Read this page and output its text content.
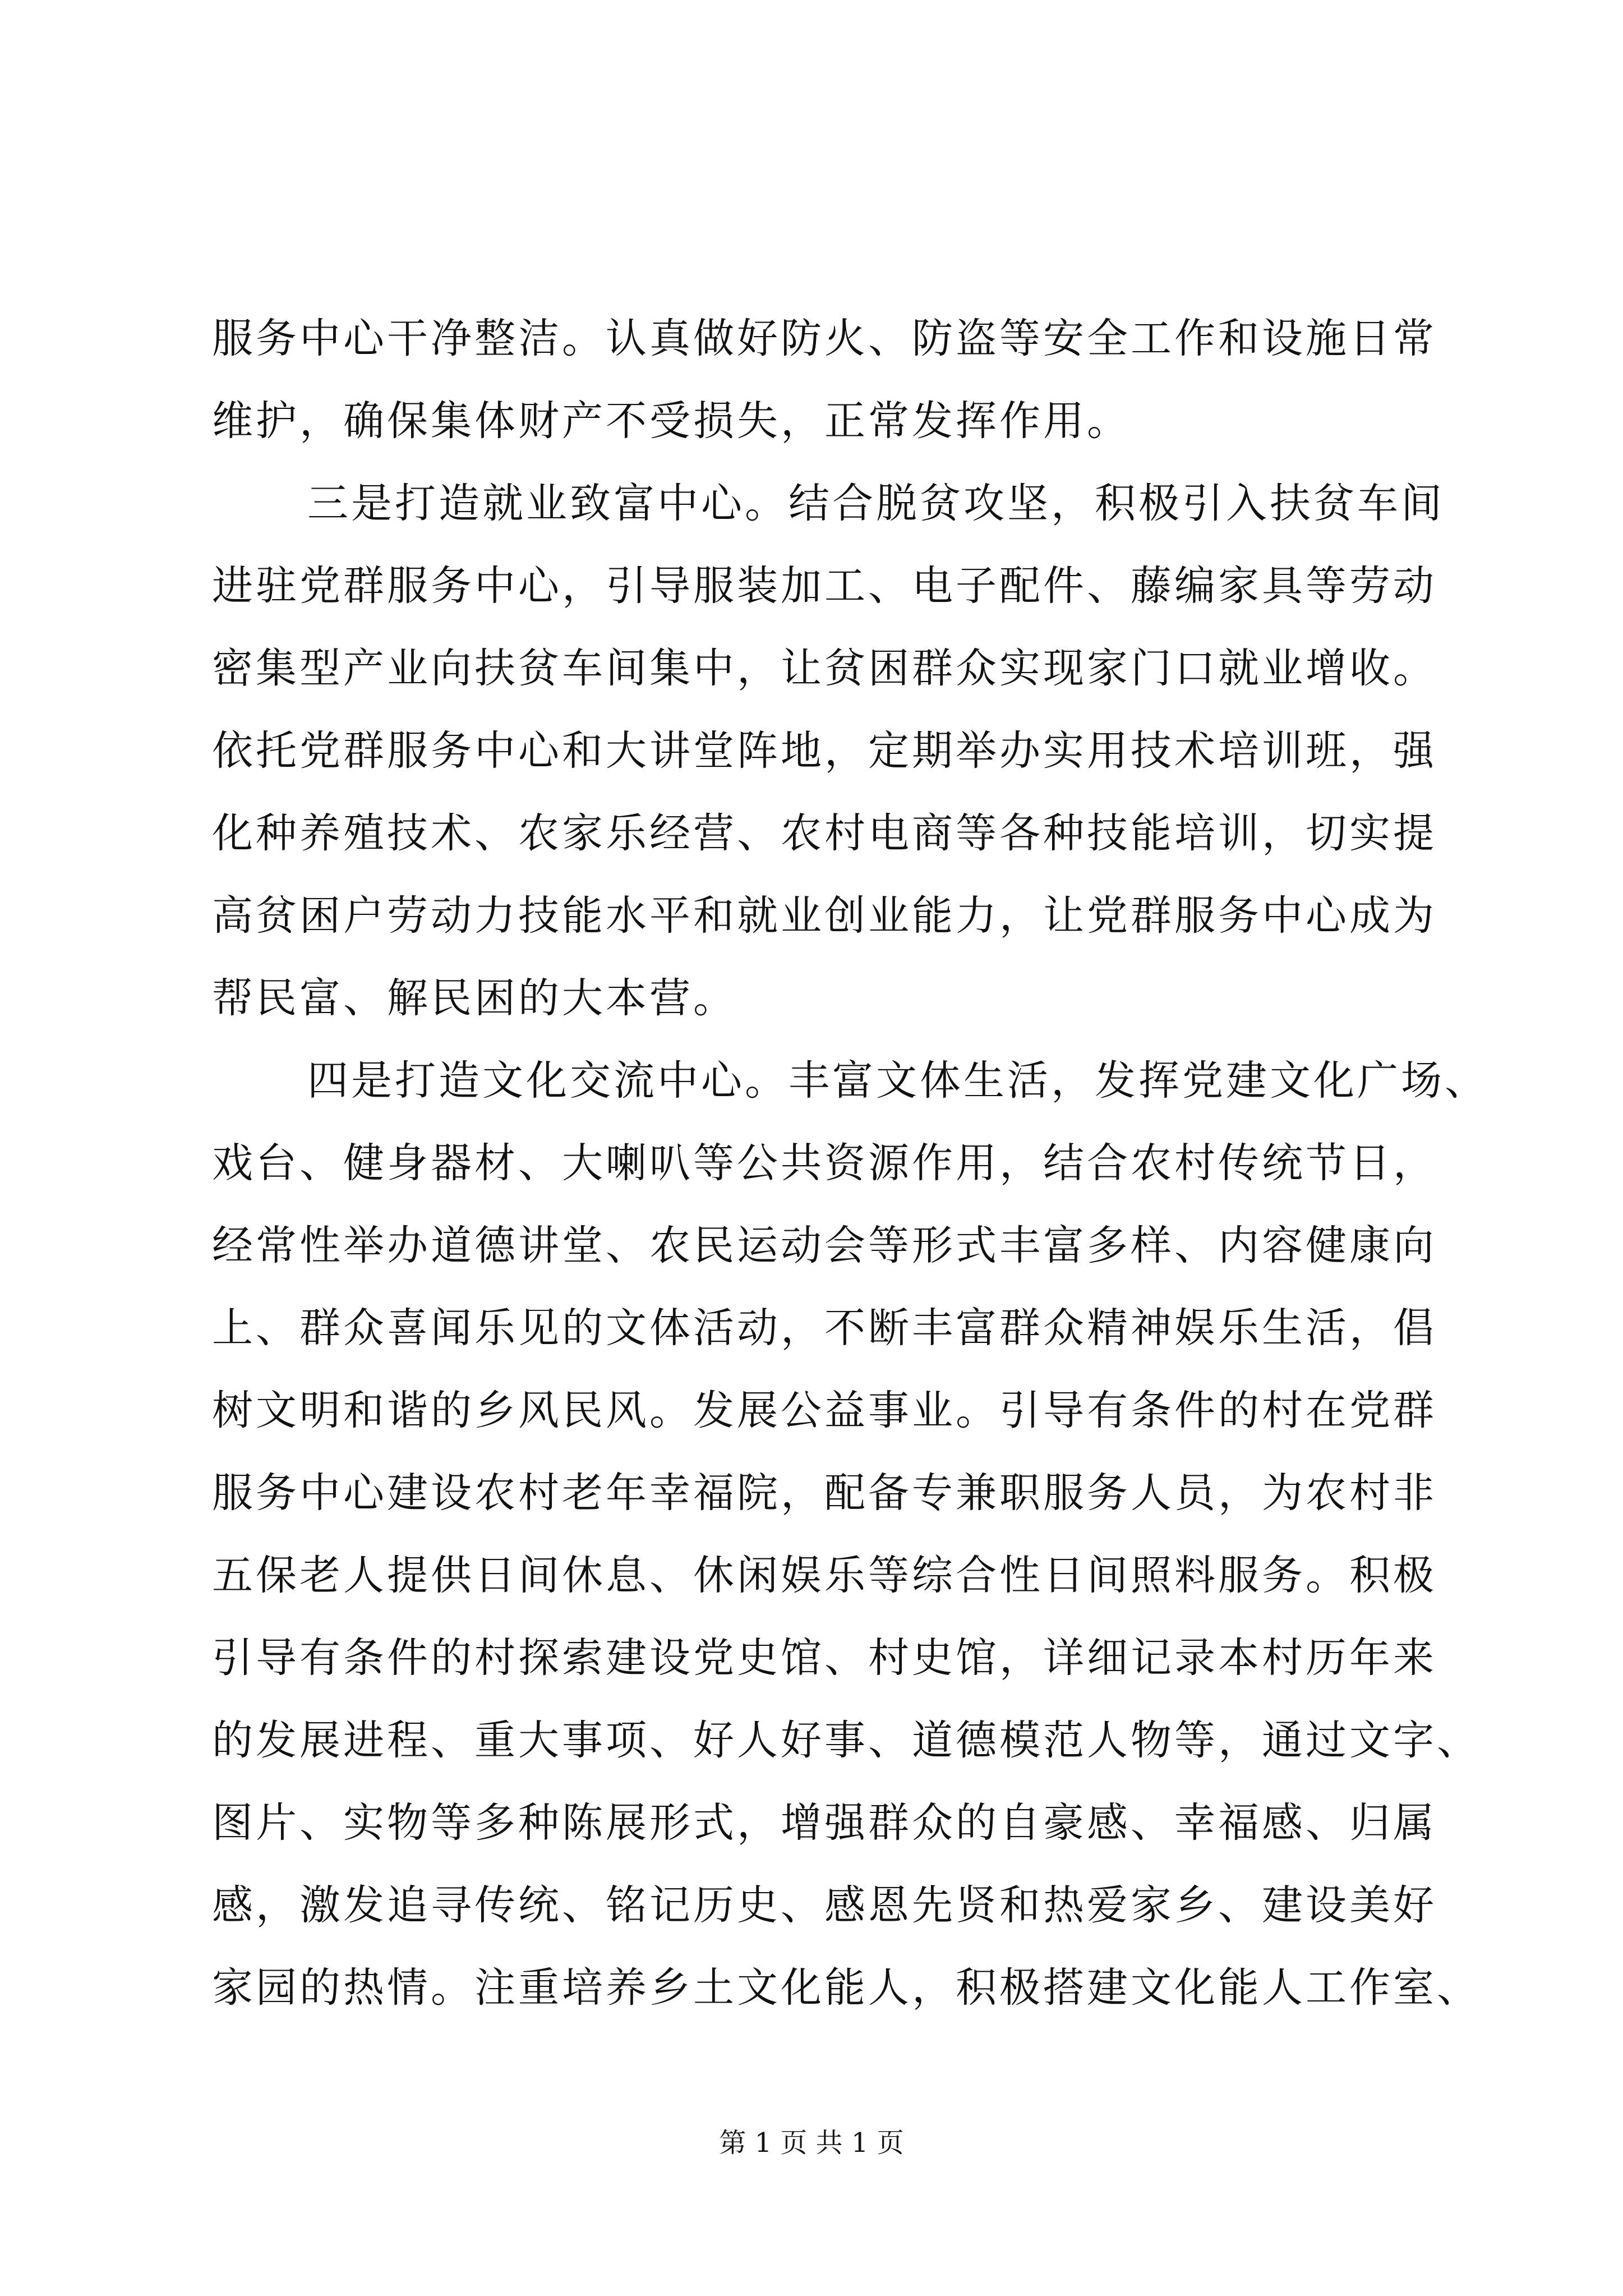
服务中心干净整洁。认真做好防火、防盗等安全工作和设施日常
维护，确保集体财产不受损失，正常发挥作用。
三是打造就业致富中心。结合脱贫攻坚，积极引入扶贫车间
进驻党群服务中心，引导服装加工、电子配件、藤编家具等劳动
密集型产业向扶贫车间集中，让贫困群众实现家门口就业增收。
依托党群服务中心和大讲堂阵地，定期举办实用技术培训班，强
化种养殖技术、农家乐经营、农村电商等各种技能培训，切实提
高贫困户劳动力技能水平和就业创业能力，让党群服务中心成为
帮民富、解民困的大本营。
四是打造文化交流中心。丰富文体生活，发挥党建文化广场、
戏台、健身器材、大喇叭等公共资源作用，结合农村传统节日，
经常性举办道德讲堂、农民运动会等形式丰富多样、内容健康向
上、群众喜闻乐见的文体活动，不断丰富群众精神娱乐生活，倡
树文明和谐的乡风民风。发展公益事业。引导有条件的村在党群
服务中心建设农村老年幸福院，配备专兼职服务人员，为农村非
五保老人提供日间休息、休闲娱乐等综合性日间照料服务。积极
引导有条件的村探索建设党史馆、村史馆，详细记录本村历年来
的发展进程、重大事项、好人好事、道德模范人物等，通过文字、
图片、实物等多种陈展形式，增强群众的自豪感、幸福感、归属
感，激发追寻传统、铭记历史、感恩先贤和热爱家乡、建设美好
家园的热情。注重培养乡土文化能人，积极搭建文化能人工作室、
第 1 页 共 1 页
